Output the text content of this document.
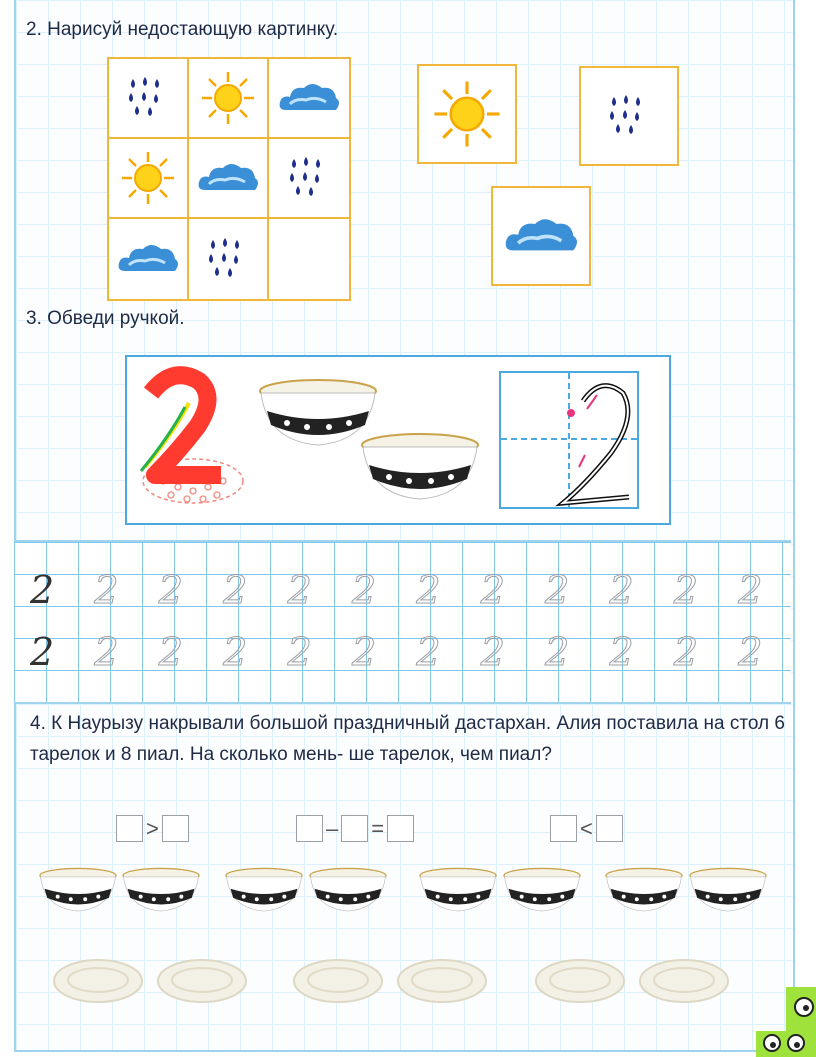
2. Нарисуй недостающую картинку.
3. Обведи ручкой.
2	2	2	2	2	2	2	2	2	2	2	2
2	2	2	2	2	2	2	2	2	2	2	2

4. К Наурызу накрывали большой праздничный дастархан. Алия поставила на стол 6 тарелок и 8 пиал. На сколько мень- ше тарелок, чем пиал?

>	– =	<
